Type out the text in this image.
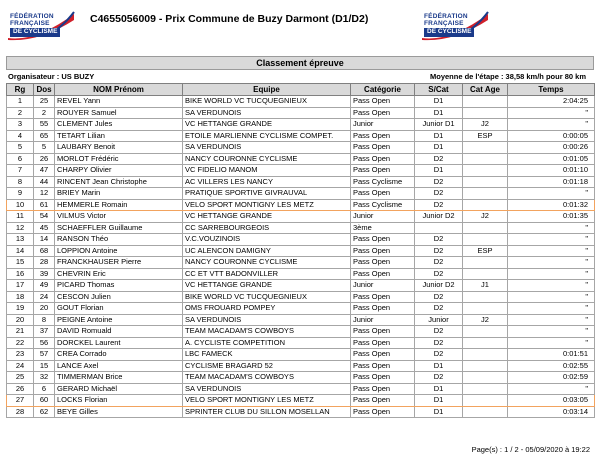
FÉDÉRATION
FRANÇAISE
DE CYCLISME
C4655056009 - Prix Commune de Buzy Darmont (D1/D2)	FÉDÉRATION
FRANÇAISE
DE CYCLISME
Classement épreuve
Organisateur : US BUZY	Moyenne de l'étape : 38,58 km/h pour 80 km
Rg	Dos	NOM Prénom	Equipe	Catégorie	S/Cat	Cat Age	Temps
1	25	REVEL Yann	BIKE WORLD VC TUCQUEGNIEUX	Pass Open	D1		2:04:25
2	2	ROUYER Samuel	SA VERDUNOIS	Pass Open	D1		"
3	55	CLEMENT Jules	VC HETTANGE GRANDE	Junior	Junior D1	J2	"
4	65	TETART Lilian	ETOILE MARLIENNE CYCLISME COMPET.	Pass Open	D1	ESP	0:00:05
5	5	LAUBARY Benoit	SA VERDUNOIS	Pass Open	D1		0:00:26
6	26	MORLOT Frédéric	NANCY COURONNE CYCLISME	Pass Open	D2		0:01:05
7	47	CHARPY Olivier	VC FIDELIO MANOM	Pass Open	D1		0:01:10
8	44	RINCENT Jean Christophe	AC VILLERS LES NANCY	Pass Cyclisme	D2		0:01:18
9	12	BRIEY Marin	PRATIQUE SPORTIVE GIVRAUVAL	Pass Open	D2		"
10	61	HEMMERLE Romain	VELO SPORT MONTIGNY LES METZ	Pass Cyclisme	D2		0:01:32
11	54	VILMUS Victor	VC HETTANGE GRANDE	Junior	Junior D2	J2	0:01:35
12	45	SCHAEFFLER Guillaume	CC SARREBOURGEOIS	3ème			"
13	14	RANSON Théo	V.C.VOUZINOIS	Pass Open	D2		"
14	68	LOPPION Antoine	UC ALENCON DAMIGNY	Pass Open	D2	ESP	"
15	28	FRANCKHAUSER Pierre	NANCY COURONNE CYCLISME	Pass Open	D2		"
16	39	CHEVRIN Eric	CC ET VTT BADONVILLER	Pass Open	D2		"
17	49	PICARD Thomas	VC HETTANGE GRANDE	Junior	Junior D2	J1	"
18	24	CESCON Julien	BIKE WORLD VC TUCQUEGNIEUX	Pass Open	D2		"
19	20	GOUT Florian	OMS FROUARD POMPEY	Pass Open	D2		"
20	8	PEIGNE Antoine	SA VERDUNOIS	Junior	Junior	J2	"
21	37	DAVID Romuald	TEAM MACADAM'S COWBOYS	Pass Open	D2		"
22	56	DORCKEL Laurent	A. CYCLISTE COMPETITION	Pass Open	D2		"
23	57	CREA Corrado	LBC FAMECK	Pass Open	D2		0:01:51
24	15	LANCE Axel	CYCLISME BRAGARD 52	Pass Open	D1		0:02:55
25	32	TIMMERMAN Brice	TEAM MACADAM'S COWBOYS	Pass Open	D2		0:02:59
26	6	GERARD Michaël	SA VERDUNOIS	Pass Open	D1		"
27	60	LOCKS Florian	VELO SPORT MONTIGNY LES METZ	Pass Open	D1		0:03:05
28	62	BEYE Gilles	SPRINTER CLUB DU SILLON MOSELLAN	Pass Open	D1		0:03:14
Page(s) : 1 / 2 - 05/09/2020 à 19:22
